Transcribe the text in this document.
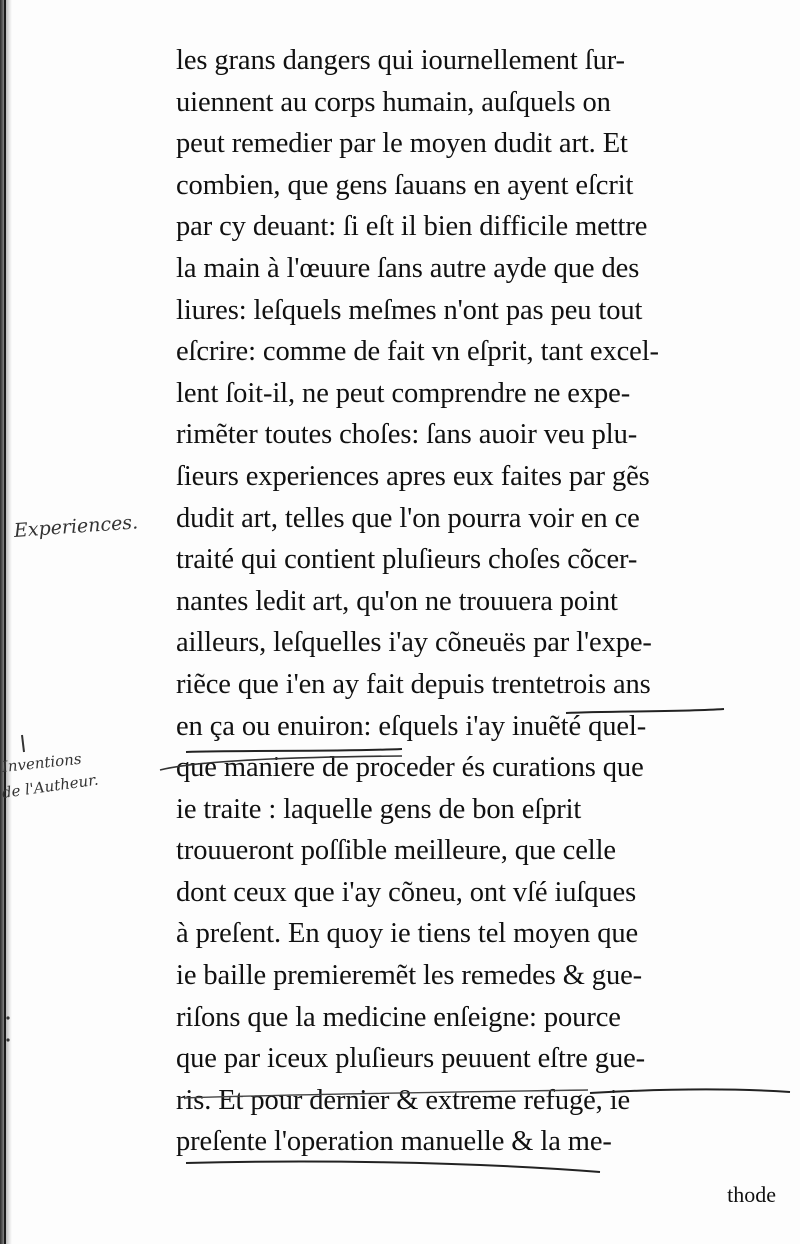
les grans dangers qui iournellement ſur-
uiennent au corps humain, auſquels on
peut remedier par le moyen dudit art. Et
combien, que gens ſauans en ayent eſcrit
par cy deuant: ſi eſt il bien difficile mettre
la main à l'œuure ſans autre ayde que des
liures: leſquels meſmes n'ont pas peu tout
eſcrire: comme de fait vn eſprit, tant excel-
lent ſoit-il, ne peut comprendre ne expe-
rimẽter toutes choſes: ſans auoir veu plu-
ſieurs experiences apres eux faites par gẽs
dudit art, telles que l'on pourra voir en ce
traité qui contient pluſieurs choſes cõcer-
nantes ledit art, qu'on ne trouuera point
ailleurs, leſquelles i'ay cõneuës par l'expe-
riẽce que i'en ay fait depuis trentetrois ans
en ça ou enuiron: eſquels i'ay inuẽté quel-
que maniere de proceder és curations que
ie traite : laquelle gens de bon eſprit
trouueront poſſible meilleure, que celle
dont ceux que i'ay cõneu, ont vſé iuſques
à preſent. En quoy ie tiens tel moyen que
ie baille premieremẽt les remedes & gue-
riſons que la medicine enſeigne: pource
que par iceux pluſieurs peuuent eſtre gue-
ris. Et pour dernier & extreme refuge, ie
preſente l'operation manuelle & la me-
thode
Experiences.
Inventions
de l'Autheur.
